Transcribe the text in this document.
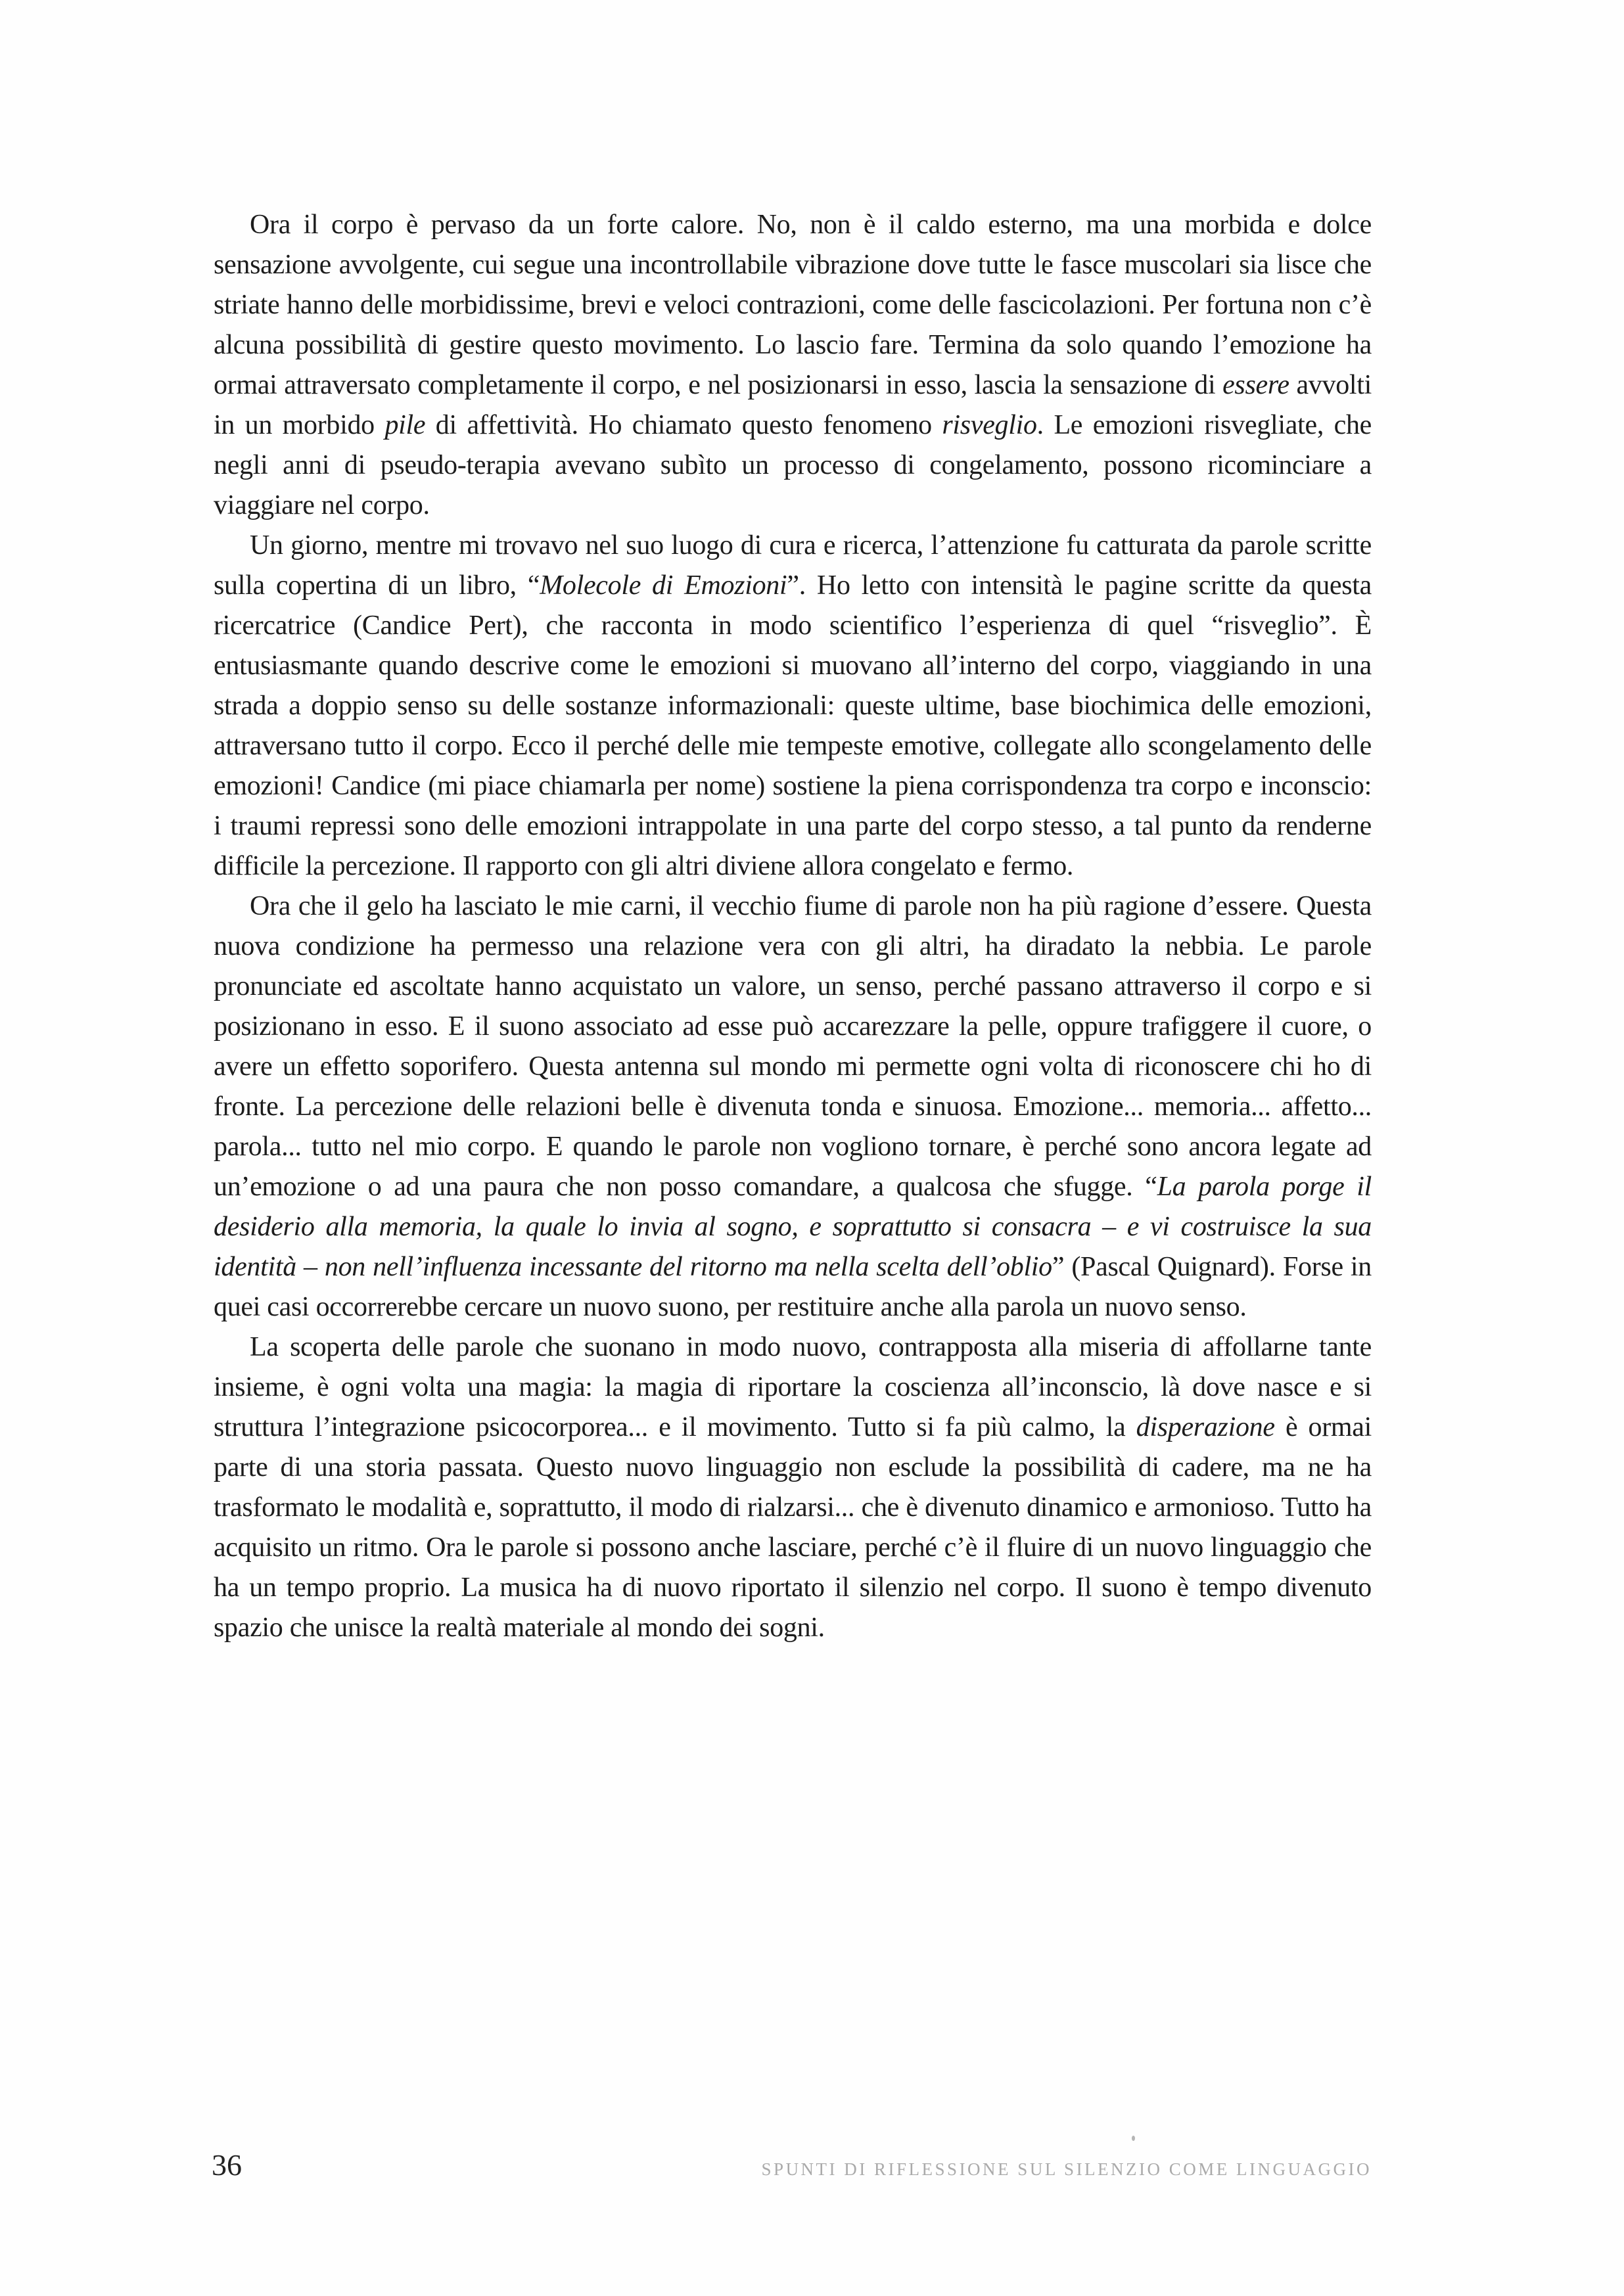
Ora il corpo è pervaso da un forte calore. No, non è il caldo esterno, ma una morbida e dolce sensazione avvolgente, cui segue una incontrollabile vibrazione dove tutte le fasce muscolari sia lisce che striate hanno delle morbidissime, brevi e veloci contrazioni, come delle fascicolazioni. Per fortuna non c’è alcuna possibilità di gestire questo movimento. Lo lascio fare. Termina da solo quando l’emozione ha ormai attraversato completamente il corpo, e nel posizionarsi in esso, lascia la sensazione di essere avvolti in un morbido pile di affettività. Ho chiamato questo fenomeno risveglio. Le emozioni risvegliate, che negli anni di pseudo-terapia avevano subìto un processo di congelamento, possono ricominciare a viaggiare nel corpo.

Un giorno, mentre mi trovavo nel suo luogo di cura e ricerca, l’attenzione fu catturata da parole scritte sulla copertina di un libro, “Molecole di Emozioni”. Ho letto con intensità le pagine scritte da questa ricercatrice (Candice Pert), che racconta in modo scientifico l’esperienza di quel “risveglio”. È entusiasmante quando descrive come le emozioni si muovano all’interno del corpo, viaggiando in una strada a doppio senso su delle sostanze informazionali: queste ultime, base biochimica delle emozioni, attraversano tutto il corpo. Ecco il perché delle mie tempeste emotive, collegate allo scongelamento delle emozioni! Candice (mi piace chiamarla per nome) sostiene la piena corrispondenza tra corpo e inconscio: i traumi repressi sono delle emozioni intrappolate in una parte del corpo stesso, a tal punto da renderne difficile la percezione. Il rapporto con gli altri diviene allora congelato e fermo.

Ora che il gelo ha lasciato le mie carni, il vecchio fiume di parole non ha più ragione d’essere. Questa nuova condizione ha permesso una relazione vera con gli altri, ha diradato la nebbia. Le parole pronunciate ed ascoltate hanno acquistato un valore, un senso, perché passano attraverso il corpo e si posizionano in esso. E il suono associato ad esse può accarezzare la pelle, oppure trafiggere il cuore, o avere un effetto soporifero. Questa antenna sul mondo mi permette ogni volta di riconoscere chi ho di fronte. La percezione delle relazioni belle è divenuta tonda e sinuosa. Emozione... memoria... affetto... parola... tutto nel mio corpo. E quando le parole non vogliono tornare, è perché sono ancora legate ad un’emozione o ad una paura che non posso comandare, a qualcosa che sfugge. “La parola porge il desiderio alla memoria, la quale lo invia al sogno, e soprattutto si consacra – e vi costruisce la sua identità – non nell’influenza incessante del ritorno ma nella scelta dell’oblio” (Pascal Quignard). Forse in quei casi occorrerebbe cercare un nuovo suono, per restituire anche alla parola un nuovo senso.

La scoperta delle parole che suonano in modo nuovo, contrapposta alla miseria di affollarne tante insieme, è ogni volta una magia: la magia di riportare la coscienza all’inconscio, là dove nasce e si struttura l’integrazione psicocorporea... e il movimento. Tutto si fa più calmo, la disperazione è ormai parte di una storia passata. Questo nuovo linguaggio non esclude la possibilità di cadere, ma ne ha trasformato le modalità e, soprattutto, il modo di rialzarsi... che è divenuto dinamico e armonioso. Tutto ha acquisito un ritmo. Ora le parole si possono anche lasciare, perché c’è il fluire di un nuovo linguaggio che ha un tempo proprio. La musica ha di nuovo riportato il silenzio nel corpo. Il suono è tempo divenuto spazio che unisce la realtà materiale al mondo dei sogni.

36	SPUNTI DI RIFLESSIONE SUL SILENZIO COME LINGUAGGIO
